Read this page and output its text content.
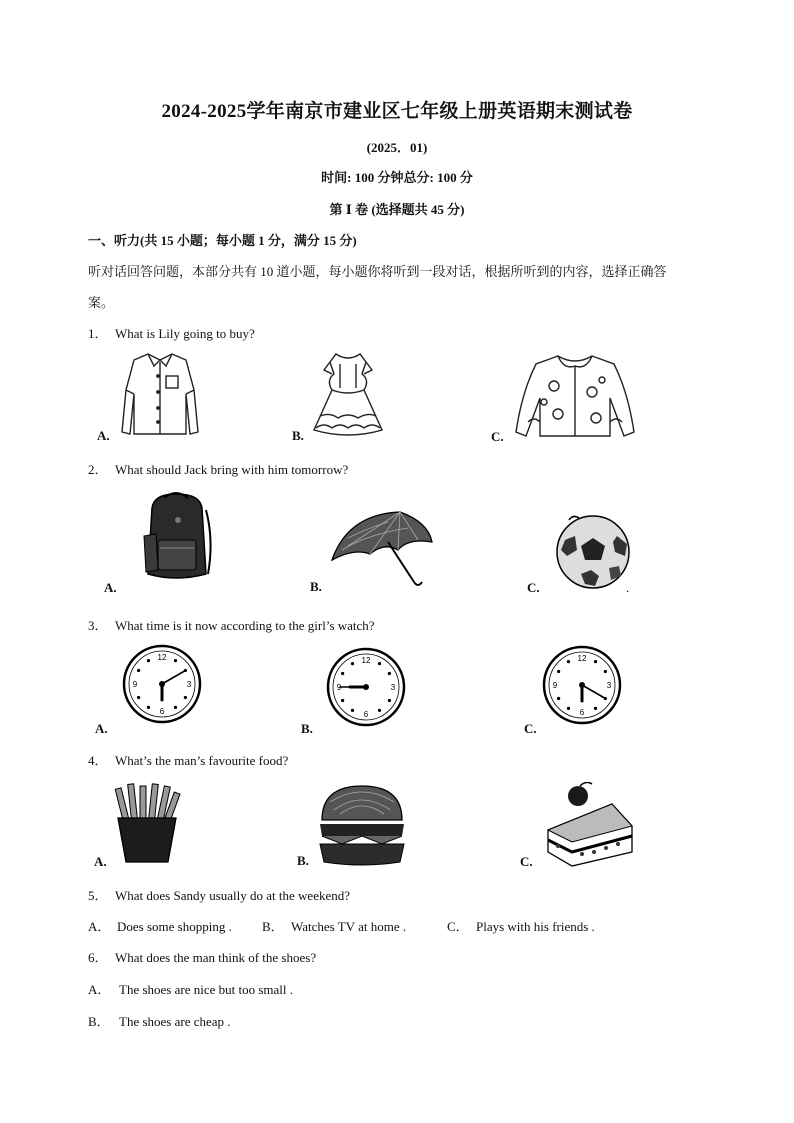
2024-2025学年南京市建业区七年级上册英语期末测试卷
(2025．01)
时间: 100 分钟总分: 100 分
第 Ⅰ 卷 (选择题共 45 分)
一、听力(共 15 小题；每小题 1 分，满分 15 分)
听对话回答问题，本部分共有 10 道小题，每小题你将听到一段对话，根据所听到的内容，选择正确答
案。
1． What is Lily going to buy?
A.	B.	C.
2． What should Jack bring with him tomorrow?
A.	B.	C.	.
3． What time is it now according to the girl’s watch?
A.	B.	C.
12
3
6
9
12
3
6
9
12
3
6
9
4． What’s the man’s favourite food?
A.	B.	C.
5． What does Sandy usually do at the weekend?
A． Does some shopping . B． Watches TV at home .	C． Plays with his friends .
6． What does the man think of the shoes?
A． The shoes are nice but too small .
B． The shoes are cheap .
